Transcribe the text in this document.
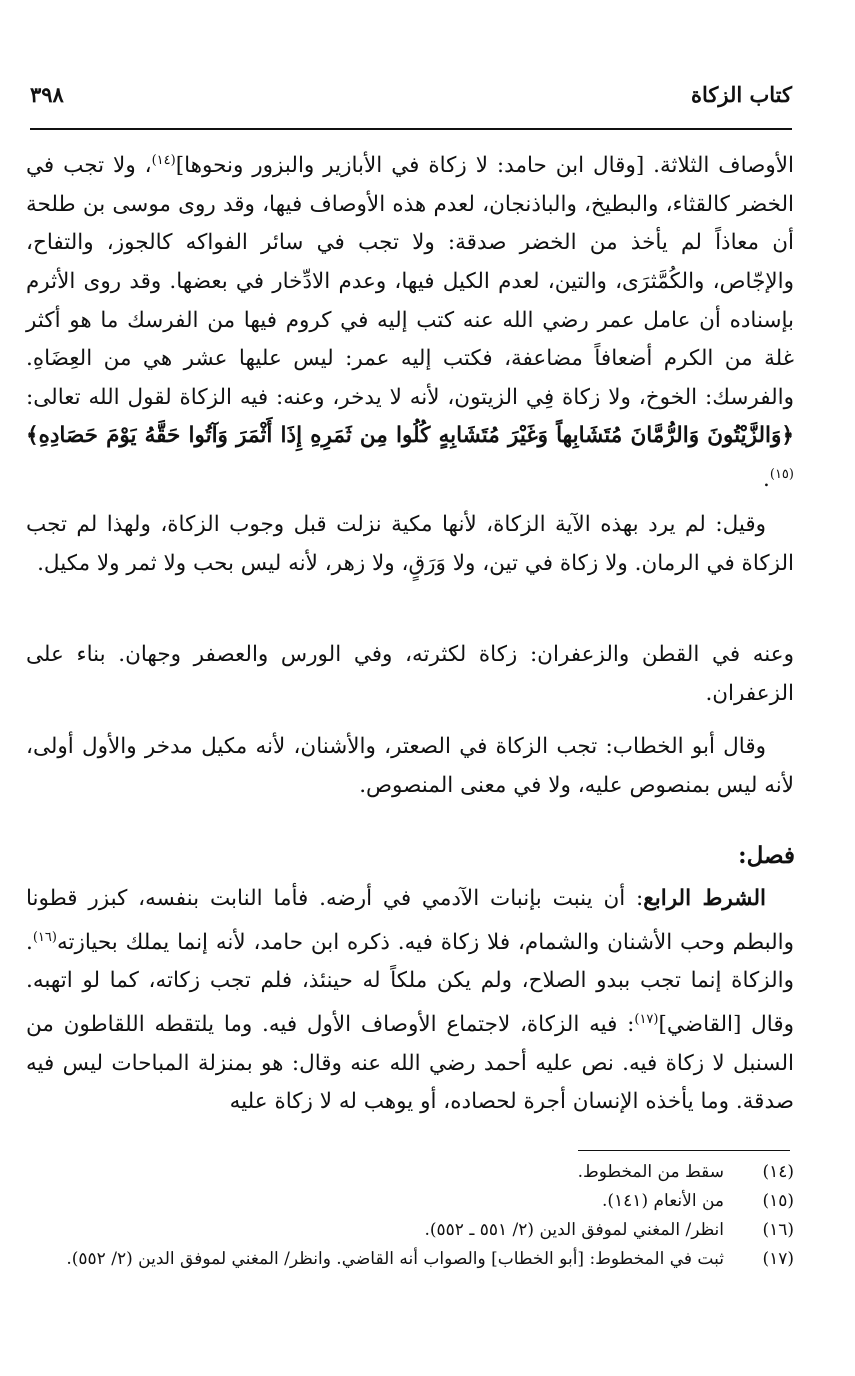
كتاب الزكاة
٣٩٨

الأوصاف الثلاثة. [وقال ابن حامد: لا زكاة في الأبازير والبزور ونحوها]$^{(١٤)}$، ولا تجب في الخضر كالقثاء، والبطيخ، والباذنجان، لعدم هذه الأوصاف فيها، وقد روى موسى بن طلحة أن معاذاً لم يأخذ من الخضر صدقة: ولا تجب في سائر الفواكه كالجوز، والتفاح، والإجّاص، والكُمَّثرَى، والتين، لعدم الكيل فيها، وعدم الادِّخار في بعضها. وقد روى الأثرم بإسناده أن عامل عمر رضي الله عنه كتب إليه في كروم فيها من الفرسك ما هو أكثر غلة من الكرم أضعافاً مضاعفة، فكتب إليه عمر: ليس عليها عشر هي من العِضَاهِ. والفرسك: الخوخ، ولا زكاة فِي الزيتون، لأنه لا يدخر، وعنه: فيه الزكاة لقول الله تعالى: ﴿وَالزَّيْتُونَ وَالرُّمَّانَ مُتَشَابِهاً وَغَيْرَ مُتَشَابِهٍ كُلُوا مِن ثَمَرِهِ إِذَا أَثْمَرَ وَآتُوا حَقَّهُ يَوْمَ حَصَادِهِ﴾$^{(١٥)}$.

وقيل: لم يرد بهذه الآية الزكاة، لأنها مكية نزلت قبل وجوب الزكاة، ولهذا لم تجب الزكاة في الرمان. ولا زكاة في تين، ولا وَرَقٍ، ولا زهر، لأنه ليس بحب ولا ثمر ولا مكيل.

وعنه في القطن والزعفران: زكاة لكثرته، وفي الورس والعصفر وجهان. بناء على الزعفران.

وقال أبو الخطاب: تجب الزكاة في الصعتر، والأشنان، لأنه مكيل مدخر والأول أولى، لأنه ليس بمنصوص عليه، ولا في معنى المنصوص.

فصل:

الشرط الرابع: أن ينبت بإنبات الآدمي في أرضه. فأما النابت بنفسه، كبزر قطونا والبطم وحب الأشنان والشمام، فلا زكاة فيه. ذكره ابن حامد، لأنه إنما يملك بحيازته$^{(١٦)}$. والزكاة إنما تجب ببدو الصلاح، ولم يكن ملكاً له حينئذ، فلم تجب زكاته، كما لو اتهبه. وقال [القاضي]$^{(١٧)}$: فيه الزكاة، لاجتماع الأوصاف الأول فيه. وما يلتقطه اللقاطون من السنبل لا زكاة فيه. نص عليه أحمد رضي الله عنه وقال: هو بمنزلة المباحات ليس فيه صدقة. وما يأخذه الإنسان أجرة لحصاده، أو يوهب له لا زكاة عليه

(١٤)
سقط من المخطوط.
(١٥)
من الأنعام (١٤١).
(١٦)
انظر/ المغني لموفق الدين (٢/ ٥٥١ ـ ٥٥٢).
(١٧)
ثبت في المخطوط: [أبو الخطاب] والصواب أنه القاضي. وانظر/ المغني لموفق الدين (٢/ ٥٥٢).
